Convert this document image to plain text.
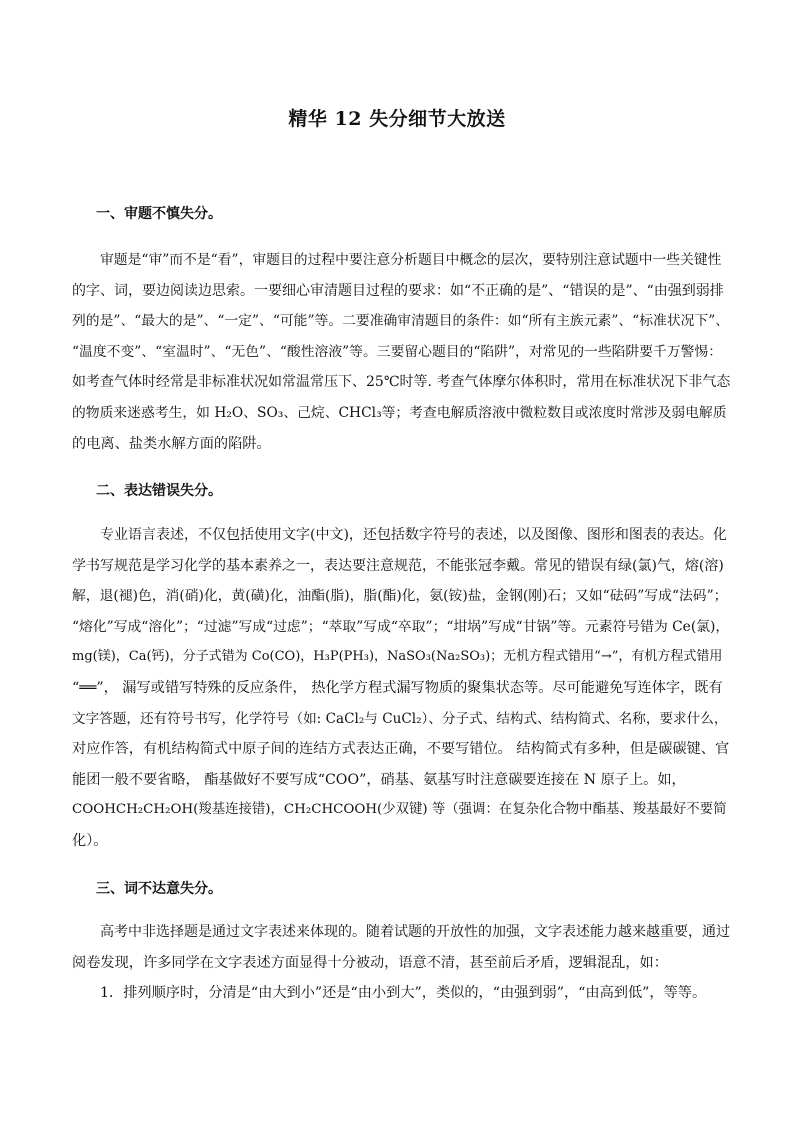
精华 12 失分细节大放送
一、审题不慎失分。
审题是“审”而不是“看”，审题目的过程中要注意分析题目中概念的层次，要特别注意试题中一些关键性
的字、词，要边阅读边思索。一要细心审清题目过程的要求：如“不正确的是”、“错误的是”、“由强到弱排
列的是”、“最大的是”、“一定”、“可能”等。二要准确审清题目的条件：如“所有主族元素”、“标准状况下”、
“温度不变”、“室温时”、“无色”、“酸性溶液”等。三要留心题目的“陷阱”，对常见的一些陷阱要千万警惕：
如考查气体时经常是非标准状况如常温常压下、25℃时等. 考查气体摩尔体积时，常用在标准状况下非气态
的物质来迷惑考生，如 H₂O、SO₃、己烷、CHCl₃等；考查电解质溶液中微粒数目或浓度时常涉及弱电解质
的电离、盐类水解方面的陷阱。
二、表达错误失分。
专业语言表述，不仅包括使用文字(中文)，还包括数字符号的表述，以及图像、图形和图表的表达。化
学书写规范是学习化学的基本素养之一，表达要注意规范，不能张冠李戴。常见的错误有绿(氯)气，熔(溶)
解，退(褪)色，消(硝)化，黄(磺)化，油酯(脂)，脂(酯)化，氨(铵)盐，金钢(刚)石；又如“砝码”写成“法码”；
“熔化”写成“溶化”；“过滤”写成“过虑”；“萃取”写成“卒取”；“坩埚”写成“甘锅”等。元素符号错为 Ce(氯)，
mg(镁)，Ca(钙)，分子式错为 Co(CO)，H₃P(PH₃)，NaSO₃(Na₂SO₃)；无机方程式错用“→”，有机方程式错用
“══”， 漏写或错写特殊的反应条件， 热化学方程式漏写物质的聚集状态等。尽可能避免写连体字，既有
文字答题，还有符号书写，化学符号（如: CaCl₂与 CuCl₂）、分子式、结构式、结构简式、名称，要求什么，
对应作答，有机结构简式中原子间的连结方式表达正确，不要写错位。 结构简式有多种，但是碳碳键、官
能团一般不要省略， 酯基做好不要写成“COO”，硝基、氨基写时注意碳要连接在 N 原子上。如，
COOHCH₂CH₂OH(羧基连接错)，CH₂CHCOOH(少双键) 等（强调：在复杂化合物中酯基、羧基最好不要简
化）。
三、词不达意失分。
高考中非选择题是通过文字表述来体现的。随着试题的开放性的加强，文字表述能力越来越重要，通过
阅卷发现，许多同学在文字表述方面显得十分被动，语意不清，甚至前后矛盾，逻辑混乱，如：
1．排列顺序时，分清是“由大到小”还是“由小到大”，类似的，“由强到弱”，“由高到低”，等等。
